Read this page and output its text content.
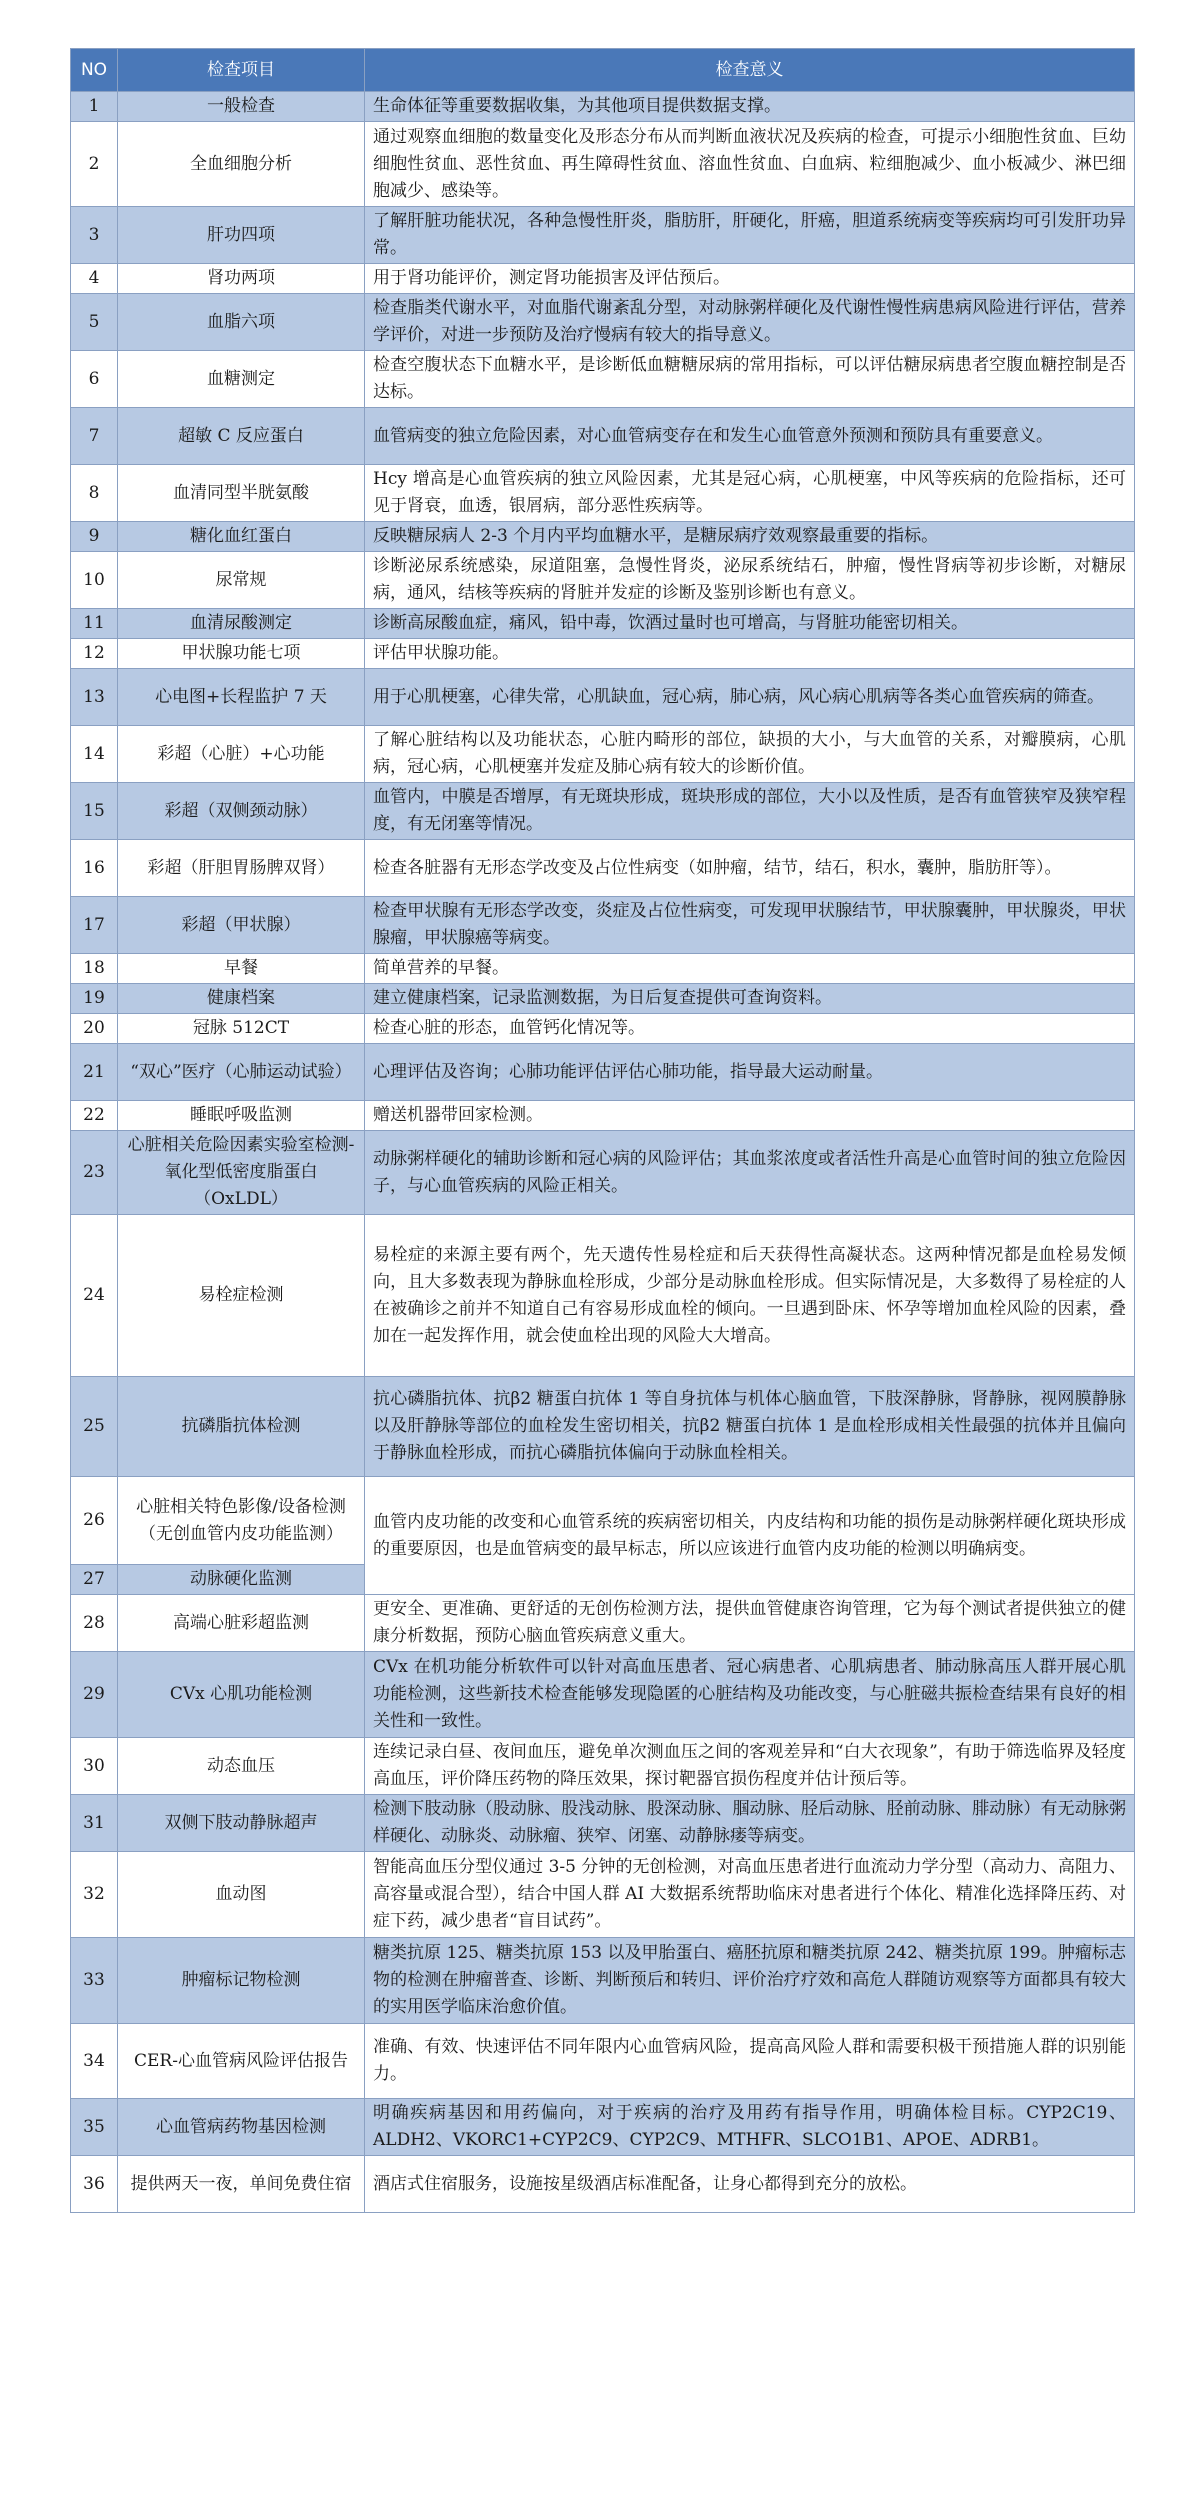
NO	检查项目	检查意义
1	一般检查	生命体征等重要数据收集，为其他项目提供数据支撑。
2	全血细胞分析	通过观察血细胞的数量变化及形态分布从而判断血液状况及疾病的检查，可提示小细胞性贫血、巨幼细胞性贫血、恶性贫血、再生障碍性贫血、溶血性贫血、白血病、粒细胞减少、血小板减少、淋巴细胞减少、感染等。
3	肝功四项	了解肝脏功能状况，各种急慢性肝炎，脂肪肝，肝硬化，肝癌，胆道系统病变等疾病均可引发肝功异常。
4	肾功两项	用于肾功能评价，测定肾功能损害及评估预后。
5	血脂六项	检查脂类代谢水平，对血脂代谢紊乱分型，对动脉粥样硬化及代谢性慢性病患病风险进行评估，营养学评价，对进一步预防及治疗慢病有较大的指导意义。
6	血糖测定	检查空腹状态下血糖水平，是诊断低血糖糖尿病的常用指标，可以评估糖尿病患者空腹血糖控制是否达标。
7	超敏 C 反应蛋白	血管病变的独立危险因素，对心血管病变存在和发生心血管意外预测和预防具有重要意义。
8	血清同型半胱氨酸	Hcy 增高是心血管疾病的独立风险因素，尤其是冠心病，心肌梗塞，中风等疾病的危险指标，还可见于肾衰，血透，银屑病，部分恶性疾病等。
9	糖化血红蛋白	反映糖尿病人 2-3 个月内平均血糖水平，是糖尿病疗效观察最重要的指标。
10	尿常规	诊断泌尿系统感染，尿道阻塞，急慢性肾炎，泌尿系统结石，肿瘤，慢性肾病等初步诊断，对糖尿病，通风，结核等疾病的肾脏并发症的诊断及鉴别诊断也有意义。
11	血清尿酸测定	诊断高尿酸血症，痛风，铅中毒，饮酒过量时也可增高，与肾脏功能密切相关。
12	甲状腺功能七项	评估甲状腺功能。
13	心电图+长程监护 7 天	用于心肌梗塞，心律失常，心肌缺血，冠心病，肺心病，风心病心肌病等各类心血管疾病的筛查。
14	彩超（心脏）+心功能	了解心脏结构以及功能状态，心脏内畸形的部位，缺损的大小，与大血管的关系，对瓣膜病，心肌病，冠心病，心肌梗塞并发症及肺心病有较大的诊断价值。
15	彩超（双侧颈动脉）	血管内，中膜是否增厚，有无斑块形成，斑块形成的部位，大小以及性质，是否有血管狭窄及狭窄程度，有无闭塞等情况。
16	彩超（肝胆胃肠脾双肾）	检查各脏器有无形态学改变及占位性病变（如肿瘤，结节，结石，积水，囊肿，脂肪肝等）。
17	彩超（甲状腺）	检查甲状腺有无形态学改变，炎症及占位性病变，可发现甲状腺结节，甲状腺囊肿，甲状腺炎，甲状腺瘤，甲状腺癌等病变。
18	早餐	简单营养的早餐。
19	健康档案	建立健康档案，记录监测数据，为日后复查提供可查询资料。
20	冠脉 512CT	检查心脏的形态，血管钙化情况等。
21	“双心”医疗（心肺运动试验）	心理评估及咨询；心肺功能评估评估心肺功能，指导最大运动耐量。
22	睡眠呼吸监测	赠送机器带回家检测。
23	心脏相关危险因素实验室检测-氧化型低密度脂蛋白（OxLDL）	动脉粥样硬化的辅助诊断和冠心病的风险评估；其血浆浓度或者活性升高是心血管时间的独立危险因子，与心血管疾病的风险正相关。
24	易栓症检测	易栓症的来源主要有两个，先天遗传性易栓症和后天获得性高凝状态。这两种情况都是血栓易发倾向，且大多数表现为静脉血栓形成，少部分是动脉血栓形成。但实际情况是，大多数得了易栓症的人在被确诊之前并不知道自己有容易形成血栓的倾向。一旦遇到卧床、怀孕等增加血栓风险的因素，叠加在一起发挥作用，就会使血栓出现的风险大大增高。
25	抗磷脂抗体检测	抗心磷脂抗体、抗β2 糖蛋白抗体 1 等自身抗体与机体心脑血管，下肢深静脉，肾静脉，视网膜静脉以及肝静脉等部位的血栓发生密切相关，抗β2 糖蛋白抗体 1 是血栓形成相关性最强的抗体并且偏向于静脉血栓形成，而抗心磷脂抗体偏向于动脉血栓相关。
26	心脏相关特色影像/设备检测（无创血管内皮功能监测）	血管内皮功能的改变和心血管系统的疾病密切相关，内皮结构和功能的损伤是动脉粥样硬化斑块形成的重要原因，也是血管病变的最早标志，所以应该进行血管内皮功能的检测以明确病变。
27	动脉硬化监测	
28	高端心脏彩超监测	更安全、更准确、更舒适的无创伤检测方法，提供血管健康咨询管理，它为每个测试者提供独立的健康分析数据，预防心脑血管疾病意义重大。
29	CVx 心肌功能检测	CVx 在机功能分析软件可以针对高血压患者、冠心病患者、心肌病患者、肺动脉高压人群开展心肌功能检测，这些新技术检查能够发现隐匿的心脏结构及功能改变，与心脏磁共振检查结果有良好的相关性和一致性。
30	动态血压	连续记录白昼、夜间血压，避免单次测血压之间的客观差异和“白大衣现象”，有助于筛选临界及轻度高血压，评价降压药物的降压效果，探讨靶器官损伤程度并估计预后等。
31	双侧下肢动静脉超声	检测下肢动脉（股动脉、股浅动脉、股深动脉、腘动脉、胫后动脉、胫前动脉、腓动脉）有无动脉粥样硬化、动脉炎、动脉瘤、狭窄、闭塞、动静脉瘘等病变。
32	血动图	智能高血压分型仪通过 3-5 分钟的无创检测，对高血压患者进行血流动力学分型（高动力、高阻力、高容量或混合型），结合中国人群 AI 大数据系统帮助临床对患者进行个体化、精准化选择降压药、对症下药，减少患者“盲目试药”。
33	肿瘤标记物检测	糖类抗原 125、糖类抗原 153 以及甲胎蛋白、癌胚抗原和糖类抗原 242、糖类抗原 199。肿瘤标志物的检测在肿瘤普查、诊断、判断预后和转归、评价治疗疗效和高危人群随访观察等方面都具有较大的实用医学临床治愈价值。
34	CER-心血管病风险评估报告	准确、有效、快速评估不同年限内心血管病风险，提高高风险人群和需要积极干预措施人群的识别能力。
35	心血管病药物基因检测	明确疾病基因和用药偏向，对于疾病的治疗及用药有指导作用，明确体检目标。CYP2C19、ALDH2、VKORC1+CYP2C9、CYP2C9、MTHFR、SLCO1B1、APOE、ADRB1。
36	提供两天一夜，单间免费住宿	酒店式住宿服务，设施按星级酒店标准配备，让身心都得到充分的放松。
